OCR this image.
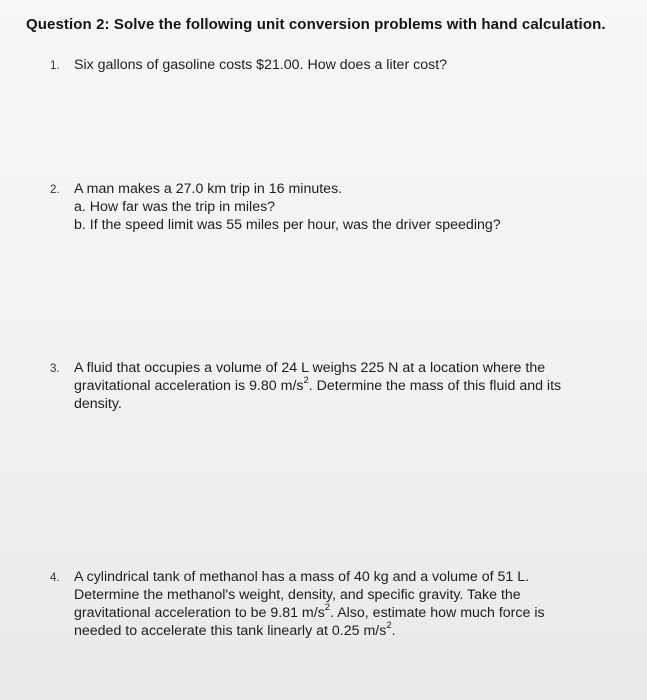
Question 2: Solve the following unit conversion problems with hand calculation.
1. Six gallons of gasoline costs $21.00. How does a liter cost?
2. A man makes a 27.0 km trip in 16 minutes.
a. How far was the trip in miles?
b. If the speed limit was 55 miles per hour, was the driver speeding?
3. A fluid that occupies a volume of 24 L weighs 225 N at a location where the
gravitational acceleration is 9.80 $m/s^2$. Determine the mass of this fluid and its
density.
4. A cylindrical tank of methanol has a mass of 40 kg and a volume of 51 L.
Determine the methanol's weight, density, and specific gravity. Take the
gravitational acceleration to be 9.81 $m/s^2$. Also, estimate how much force is
needed to accelerate this tank linearly at 0.25 $m/s^2$.
